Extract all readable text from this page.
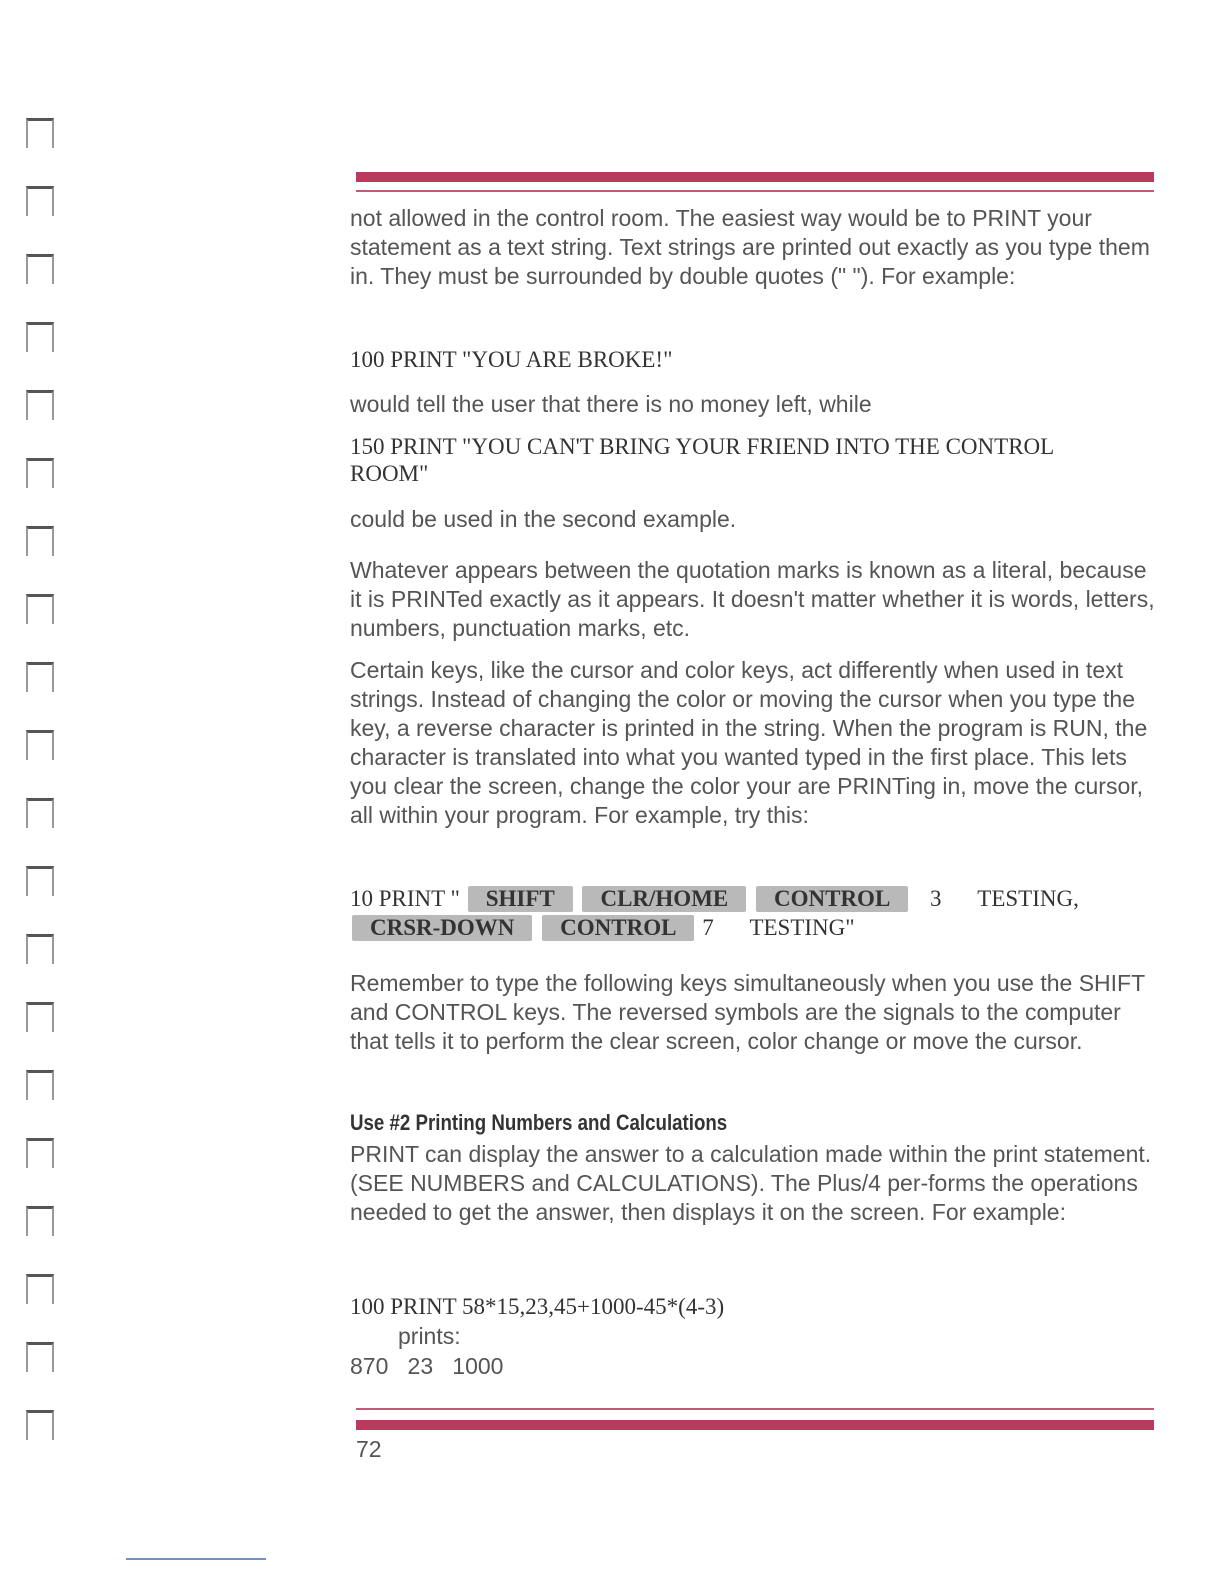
not allowed in the control room. The easiest way would be to PRINT your statement as a text string. Text strings are printed out exactly as you type them in. They must be surrounded by double quotes (" "). For example:
100 PRINT "YOU ARE BROKE!"
would tell the user that there is no money left, while
150 PRINT "YOU CAN'T BRING YOUR FRIEND INTO THE CONTROL ROOM"
could be used in the second example.
Whatever appears between the quotation marks is known as a literal, because it is PRINTed exactly as it appears. It doesn't matter whether it is words, letters, numbers, punctuation marks, etc.
Certain keys, like the cursor and color keys, act differently when used in text strings. Instead of changing the color or moving the cursor when you type the key, a reverse character is printed in the string. When the program is RUN, the character is translated into what you wanted typed in the first place. This lets you clear the screen, change the color your are PRINTing in, move the cursor, all within your program. For example, try this:
10 PRINT " SHIFT CLR/HOME CONTROL 3 TESTING,
CRSR-DOWN CONTROL 7 TESTING"
Remember to type the following keys simultaneously when you use the SHIFT and CONTROL keys. The reversed symbols are the signals to the computer that tells it to perform the clear screen, color change or move the cursor.
Use #2 Printing Numbers and Calculations
PRINT can display the answer to a calculation made within the print statement. (SEE NUMBERS and CALCULATIONS). The Plus/4 per-forms the operations needed to get the answer, then displays it on the screen. For example:
100 PRINT 58*15,23,45+1000-45*(4-3)
prints:
870   23   1000
72
